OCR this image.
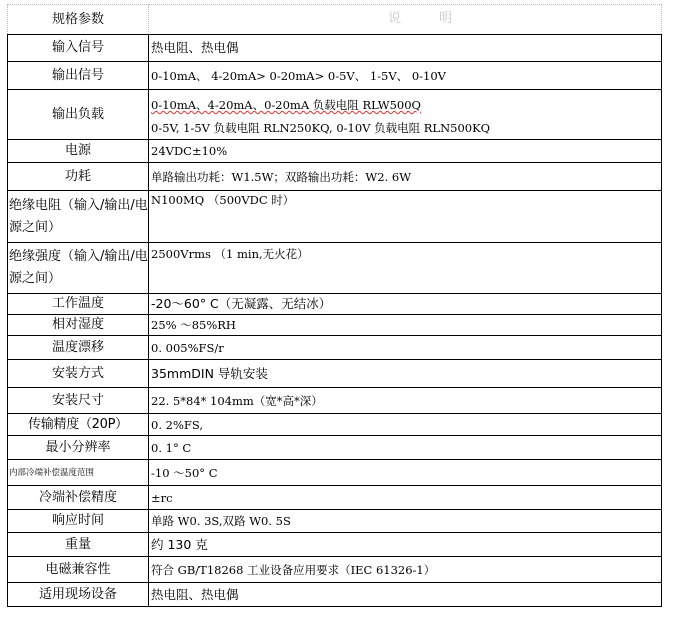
规格参数	说 明

输入信号	热电阻、热电偶
输出信号	0-10mA、 4-20mA> 0-20mA> 0-5V、 1-5V、 0-10V
输出负载	0-10mA、4-20mA、0-20mA 负载电阻 RLW500Q
0-5V, 1-5V 负载电阻 RLN250KQ, 0-10V 负载电阻 RLN500KQ

电源	24VDC±10%
功耗	单路输出功耗：W1.5W；双路输出功耗：W2. 6W
绝缘电阻（输入/输出/电源之间）	N100MQ （500VDC 时）
绝缘强度（输入/输出/电源之间）	2500Vrms （1 min,无火花）
工作温度	-20～60° C（无凝露、无结冰）
相对湿度	25% ～85%RH
温度漂移	0. 005%FS/r
安装方式	35mmDIN 导轨安装
安装尺寸	22. 5*84* 104mm（宽*高*深）
传输精度（20P）	0. 2%FS,
最小分辨率	0. 1° C
内部冷端补偿温度范围	-10 ～50° C
冷端补偿精度	±rc
响应时间	单路 W0. 3S,双路 W0. 5S
重量	约 130 克
电磁兼容性	符合 GB/T18268 工业设备应用要求（IEC 61326-1）
适用现场设备	热电阻、热电偶
